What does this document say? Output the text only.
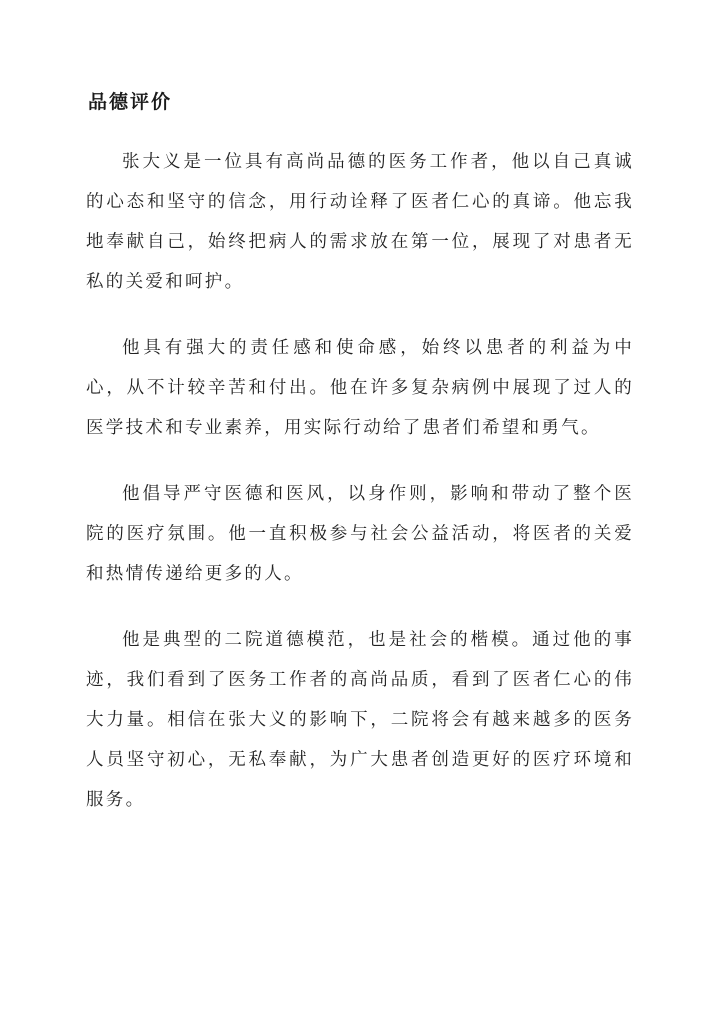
品德评价

张大义是一位具有高尚品德的医务工作者，他以自己真诚的心态和坚守的信念，用行动诠释了医者仁心的真谛。他忘我地奉献自己，始终把病人的需求放在第一位，展现了对患者无私的关爱和呵护。

他具有强大的责任感和使命感，始终以患者的利益为中心，从不计较辛苦和付出。他在许多复杂病例中展现了过人的医学技术和专业素养，用实际行动给了患者们希望和勇气。

他倡导严守医德和医风，以身作则，影响和带动了整个医院的医疗氛围。他一直积极参与社会公益活动，将医者的关爱和热情传递给更多的人。

他是典型的二院道德模范，也是社会的楷模。通过他的事迹，我们看到了医务工作者的高尚品质，看到了医者仁心的伟大力量。相信在张大义的影响下，二院将会有越来越多的医务人员坚守初心，无私奉献，为广大患者创造更好的医疗环境和服务。
